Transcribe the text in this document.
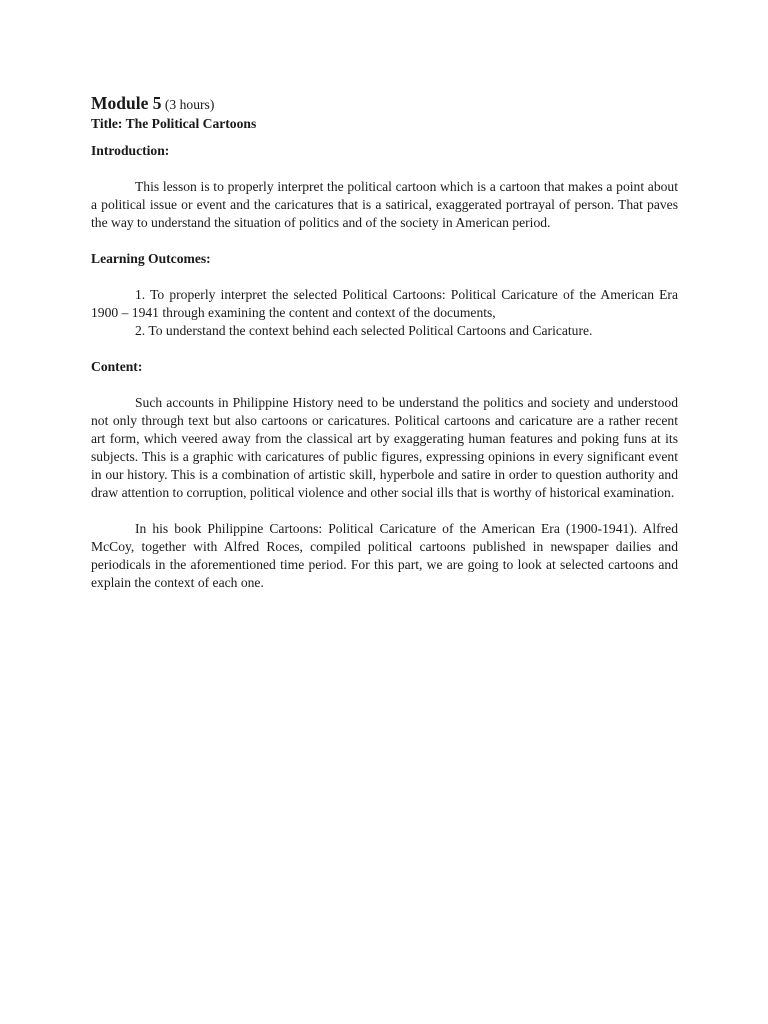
Module 5 (3 hours)

Title: The Political Cartoons

Introduction:

This lesson is to properly interpret the political cartoon which is a cartoon that makes a point about a political issue or event and the caricatures that is a satirical, exaggerated portrayal of person. That paves the way to understand the situation of politics and of the society in American period.

Learning Outcomes:

1. To properly interpret the selected Political Cartoons: Political Caricature of the American Era 1900 – 1941 through examining the content and context of the documents,

2. To understand the context behind each selected Political Cartoons and Caricature.

Content:

Such accounts in Philippine History need to be understand the politics and society and understood not only through text but also cartoons or caricatures. Political cartoons and caricature are a rather recent art form, which veered away from the classical art by exaggerating human features and poking funs at its subjects. This is a graphic with caricatures of public figures, expressing opinions in every significant event in our history. This is a combination of artistic skill, hyperbole and satire in order to question authority and draw attention to corruption, political violence and other social ills that is worthy of historical examination.

In his book Philippine Cartoons: Political Caricature of the American Era (1900-1941). Alfred McCoy, together with Alfred Roces, compiled political cartoons published in newspaper dailies and periodicals in the aforementioned time period. For this part, we are going to look at selected cartoons and explain the context of each one.
